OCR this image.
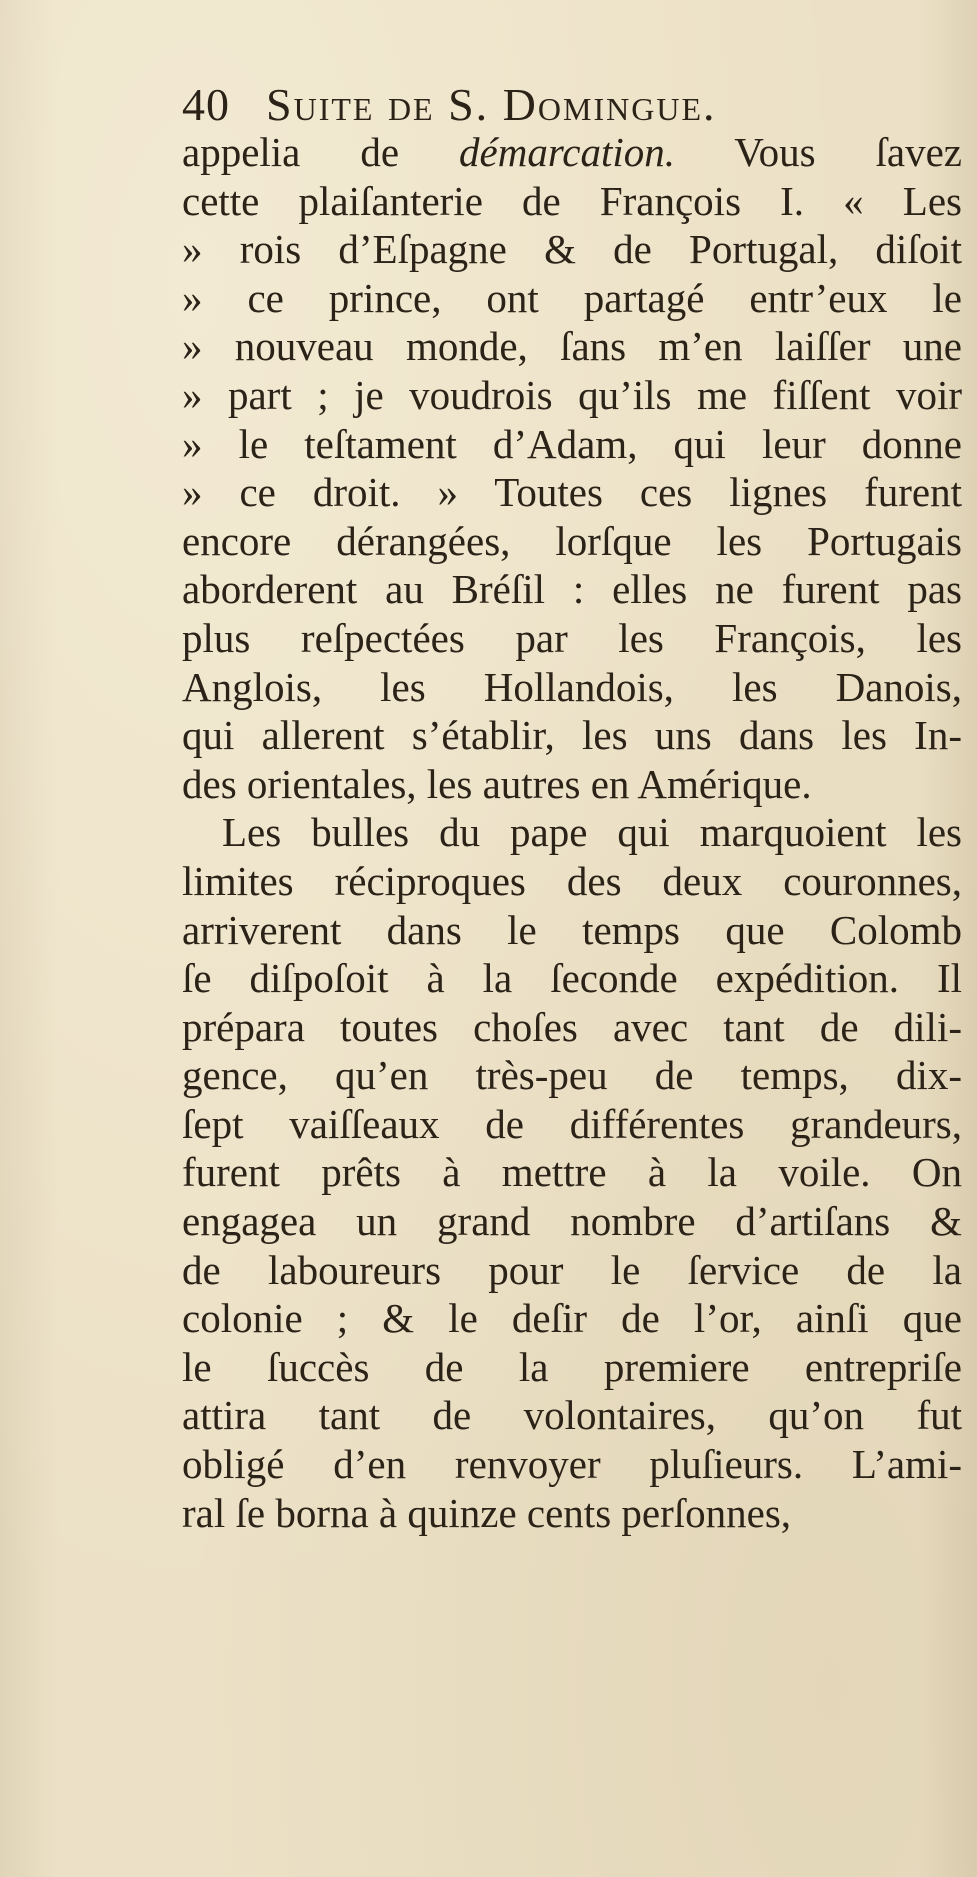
40 Suite de S. Domingue.
appelia de démarcation. Vous ſavez
cette plaiſanterie de François I. « Les
» rois d’Eſpagne & de Portugal, diſoit
» ce prince, ont partagé entr’eux le
» nouveau monde, ſans m’en laiſſer une
» part ; je voudrois qu’ils me fiſſent voir
» le teſtament d’Adam, qui leur donne
» ce droit. » Toutes ces lignes furent
encore dérangées, lorſque les Portugais
aborderent au Bréſil : elles ne furent pas
plus reſpectées par les François, les
Anglois, les Hollandois, les Danois,
qui allerent s’établir, les uns dans les In-
des orientales, les autres en Amérique.
Les bulles du pape qui marquoient les
limites réciproques des deux couronnes,
arriverent dans le temps que Colomb
ſe diſpoſoit à la ſeconde expédition. Il
prépara toutes choſes avec tant de dili-
gence, qu’en très-peu de temps, dix-
ſept vaiſſeaux de différentes grandeurs,
furent prêts à mettre à la voile. On
engagea un grand nombre d’artiſans &
de laboureurs pour le ſervice de la
colonie ; & le deſir de l’or, ainſi que
le ſuccès de la premiere entrepriſe
attira tant de volontaires, qu’on fut
obligé d’en renvoyer pluſieurs. L’ami-
ral ſe borna à quinze cents perſonnes,
